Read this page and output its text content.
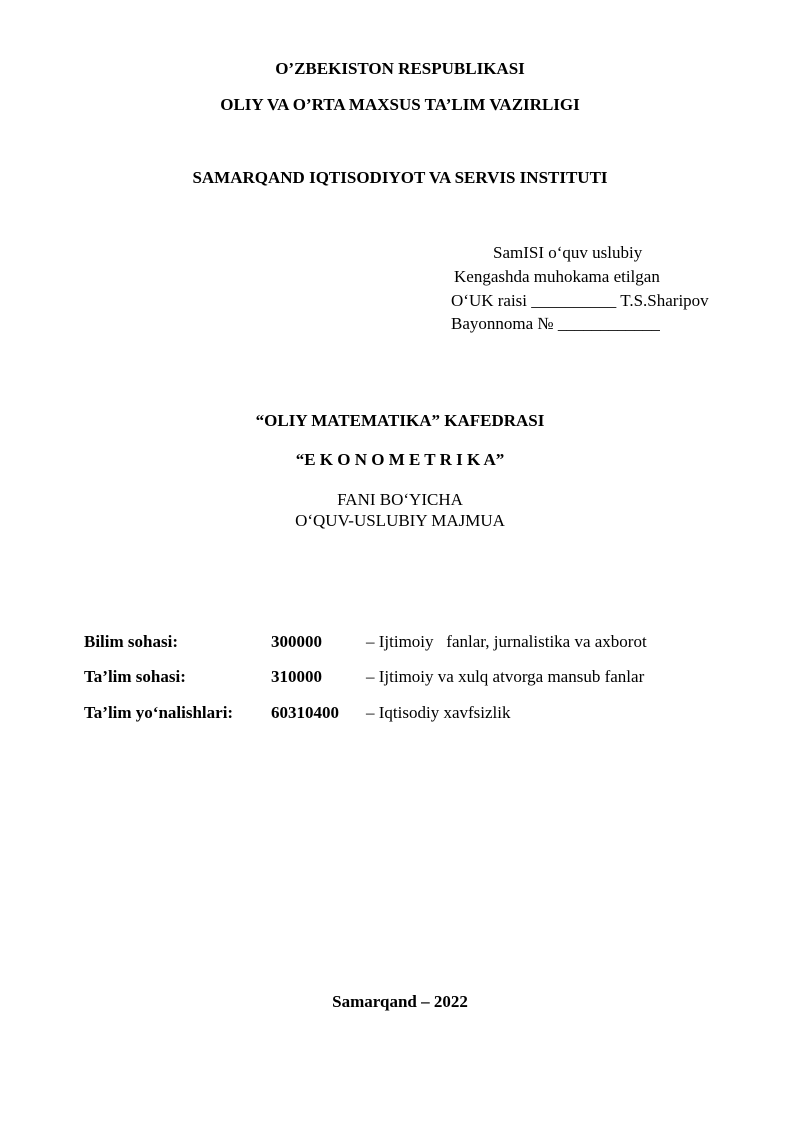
O’ZBEKISTON RESPUBLIKASI
OLIY VA O’RTA MAXSUS TA’LIM VAZIRLIGI
SAMARQAND IQTISODIYOT VA SERVIS INSTITUTI
SamISI o‘quv uslubiy
Kengashda muhokama etilgan
O‘UK raisi __________ T.S.Sharipov
Bayonnoma № ____________
“OLIY MATEMATIKA” KAFEDRASI
“E K O N O M E T R I K A”
FANI BO‘YICHA
O‘QUV-USLUBIY MAJMUA
Bilim sohasi:	300000	– Ijtimoiy   fanlar, jurnalistika va axborot
Ta’lim sohasi:	310000	– Ijtimoiy va xulq atvorga mansub fanlar
Ta’lim yo‘nalishlari: 60310400 – Iqtisodiy xavfsizlik
Samarqand – 2022
